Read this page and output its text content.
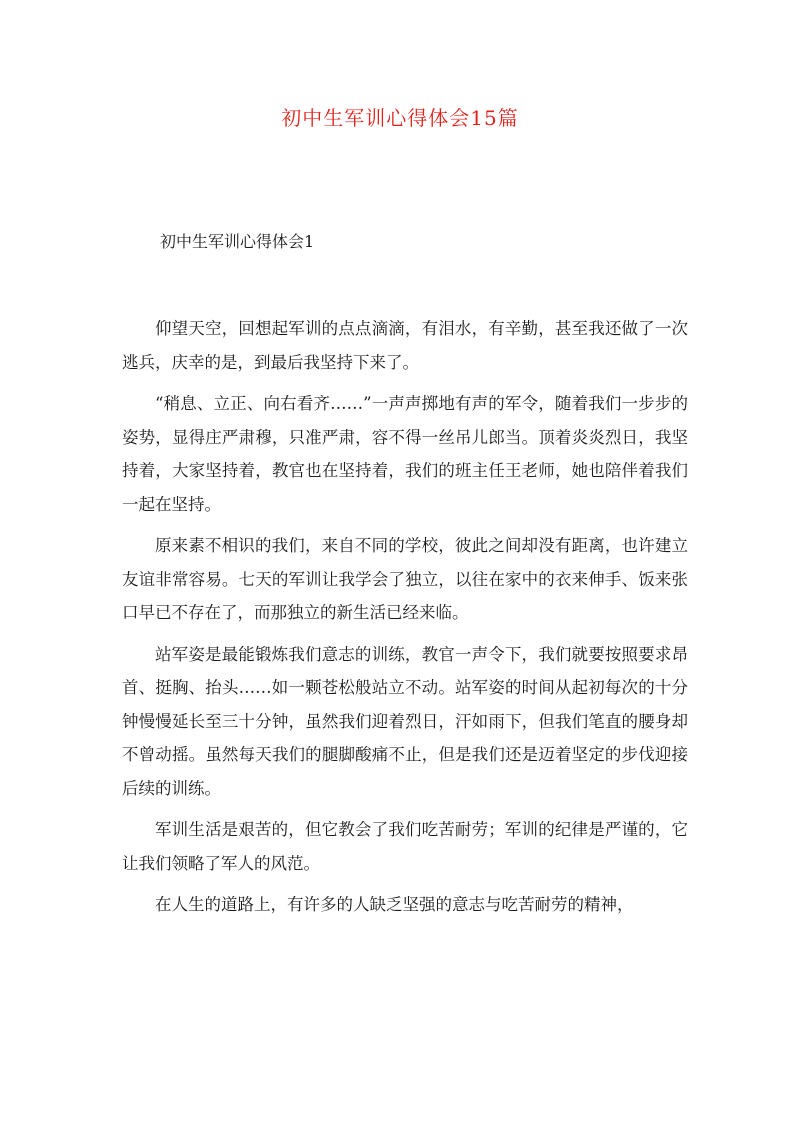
初中生军训心得体会15篇
初中生军训心得体会1

仰望天空，回想起军训的点点滴滴，有泪水，有辛勤，甚至我还做了一次逃兵，庆幸的是，到最后我坚持下来了。

“稍息、立正、向右看齐……”一声声掷地有声的军令，随着我们一步步的姿势，显得庄严肃穆，只准严肃，容不得一丝吊儿郎当。顶着炎炎烈日，我坚持着，大家坚持着，教官也在坚持着，我们的班主任王老师，她也陪伴着我们一起在坚持。

原来素不相识的我们，来自不同的学校，彼此之间却没有距离，也许建立友谊非常容易。七天的军训让我学会了独立，以往在家中的衣来伸手、饭来张口早已不存在了，而那独立的新生活已经来临。

站军姿是最能锻炼我们意志的训练，教官一声令下，我们就要按照要求昂首、挺胸、抬头……如一颗苍松般站立不动。站军姿的时间从起初每次的十分钟慢慢延长至三十分钟，虽然我们迎着烈日，汗如雨下，但我们笔直的腰身却不曾动摇。虽然每天我们的腿脚酸痛不止，但是我们还是迈着坚定的步伐迎接后续的训练。

军训生活是艰苦的，但它教会了我们吃苦耐劳；军训的纪律是严谨的，它让我们领略了军人的风范。

在人生的道路上，有许多的人缺乏坚强的意志与吃苦耐劳的精神，
